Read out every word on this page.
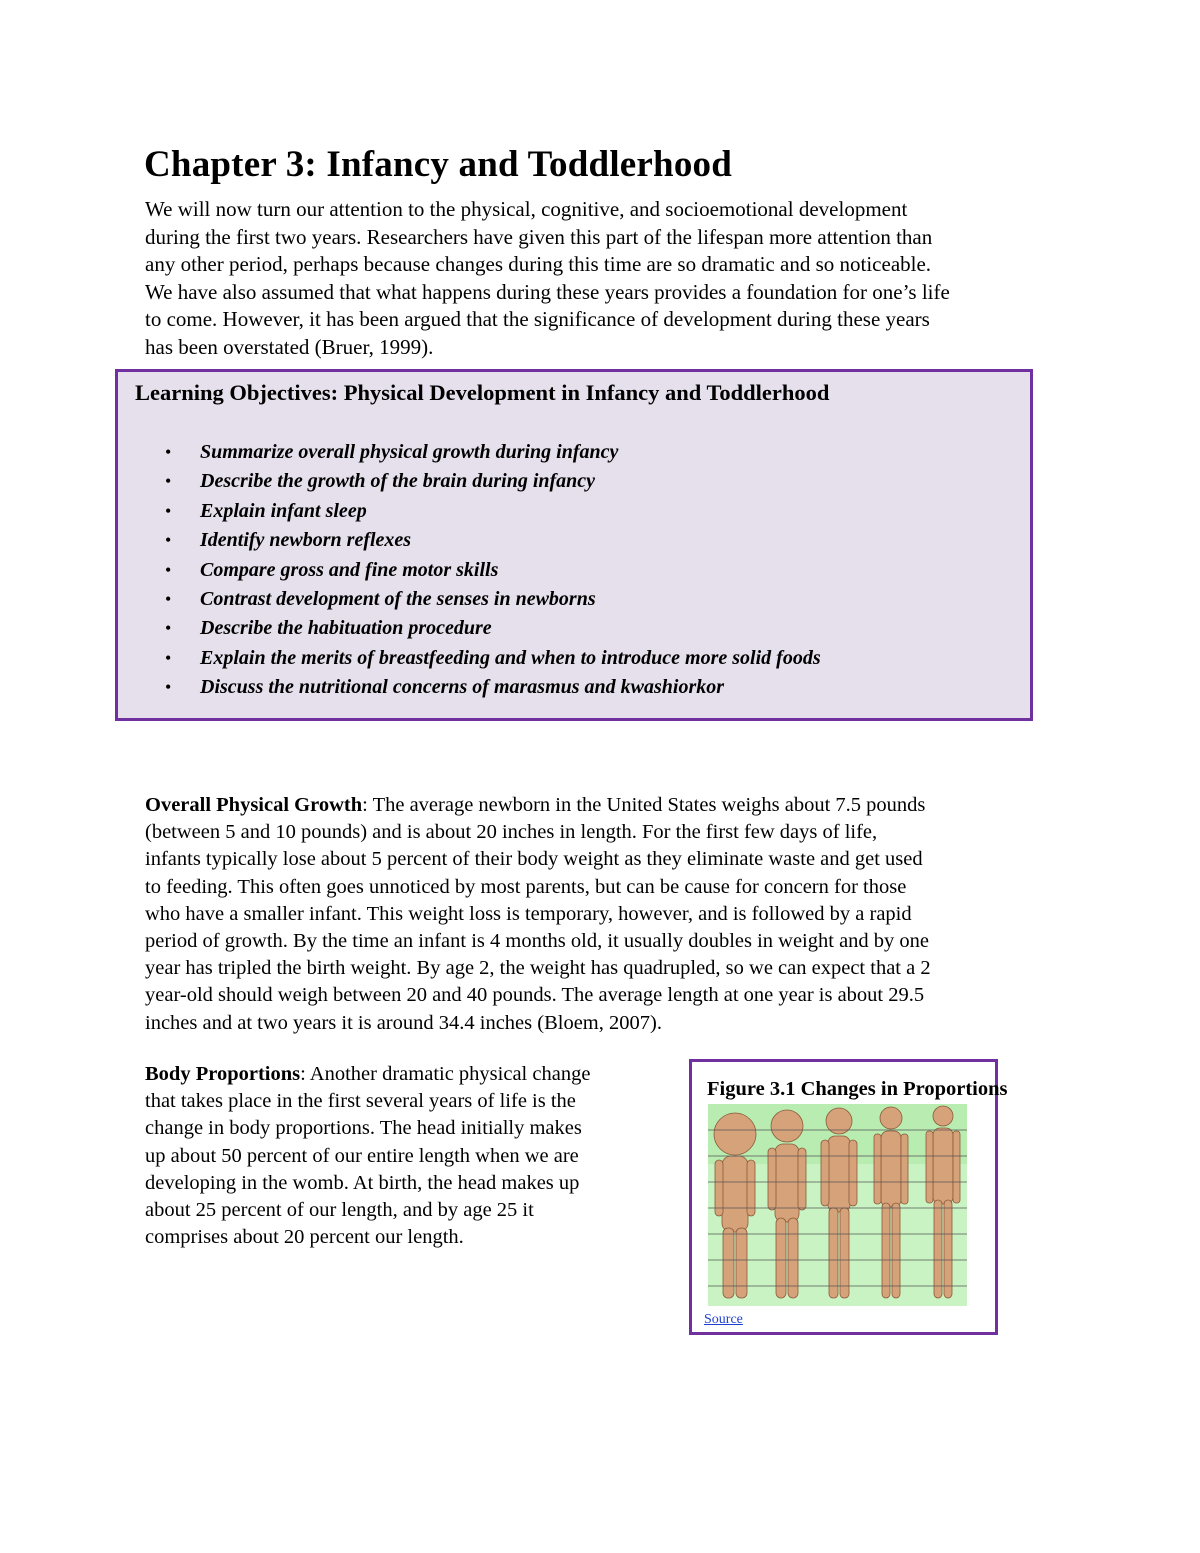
Chapter 3: Infancy and Toddlerhood
We will now turn our attention to the physical, cognitive, and socioemotional development
during the first two years. Researchers have given this part of the lifespan more attention than
any other period, perhaps because changes during this time are so dramatic and so noticeable.
We have also assumed that what happens during these years provides a foundation for one’s life
to come. However, it has been argued that the significance of development during these years
has been overstated (Bruer, 1999).
Learning Objectives: Physical Development in Infancy and Toddlerhood
• Summarize overall physical growth during infancy
• Describe the growth of the brain during infancy
• Explain infant sleep
• Identify newborn reflexes
• Compare gross and fine motor skills
• Contrast development of the senses in newborns
• Describe the habituation procedure
• Explain the merits of breastfeeding and when to introduce more solid foods
• Discuss the nutritional concerns of marasmus and kwashiorkor
Overall Physical Growth: The average newborn in the United States weighs about 7.5 pounds
(between 5 and 10 pounds) and is about 20 inches in length. For the first few days of life,
infants typically lose about 5 percent of their body weight as they eliminate waste and get used
to feeding. This often goes unnoticed by most parents, but can be cause for concern for those
who have a smaller infant. This weight loss is temporary, however, and is followed by a rapid
period of growth. By the time an infant is 4 months old, it usually doubles in weight and by one
year has tripled the birth weight. By age 2, the weight has quadrupled, so we can expect that a 2
year-old should weigh between 20 and 40 pounds. The average length at one year is about 29.5
inches and at two years it is around 34.4 inches (Bloem, 2007).
Body Proportions: Another dramatic physical change
that takes place in the first several years of life is the
change in body proportions. The head initially makes
up about 50 percent of our entire length when we are
developing in the womb. At birth, the head makes up
about 25 percent of our length, and by age 25 it
comprises about 20 percent our length.
Figure 3.1 Changes in Proportions
Source
